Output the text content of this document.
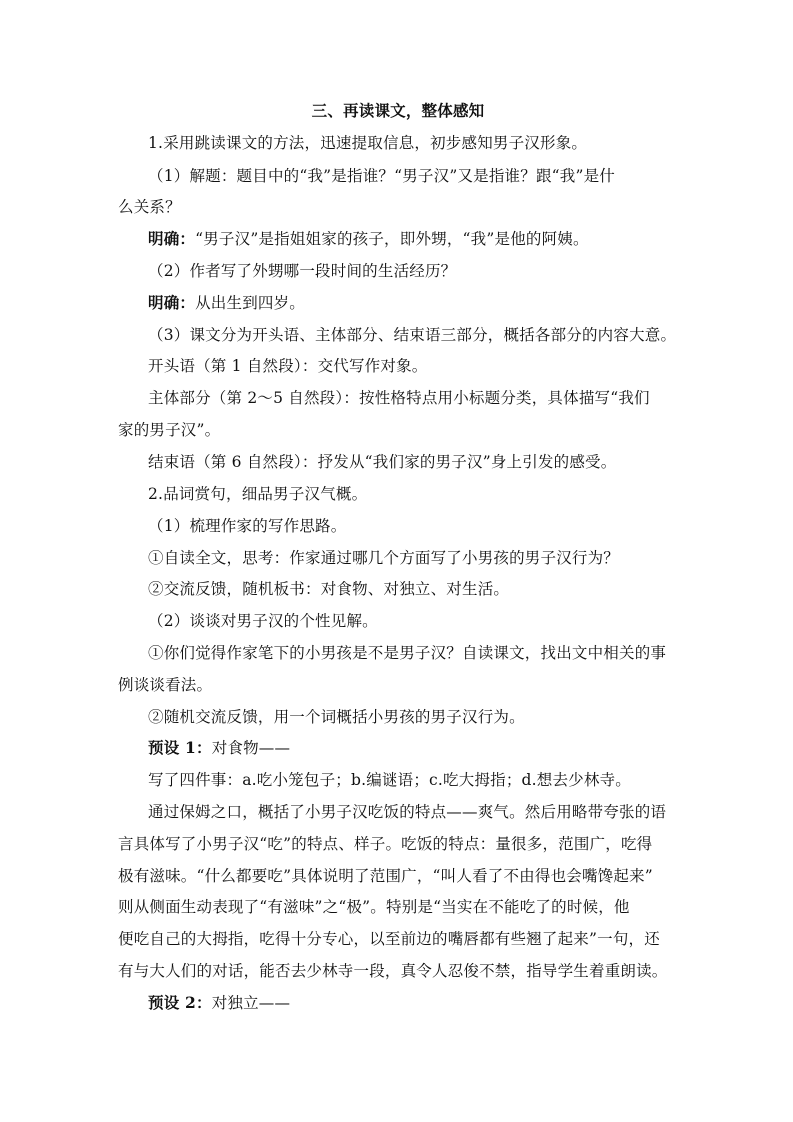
三、再读课文，整体感知
1.采用跳读课文的方法，迅速提取信息，初步感知男子汉形象。
（1）解题：题目中的“我”是指谁？“男子汉”又是指谁？跟“我”是什
么关系？
明确：“男子汉”是指姐姐家的孩子，即外甥，“我”是他的阿姨。
（2）作者写了外甥哪一段时间的生活经历？
明确：从出生到四岁。
（3）课文分为开头语、主体部分、结束语三部分，概括各部分的内容大意。
开头语（第 1 自然段）：交代写作对象。
主体部分（第 2～5 自然段）：按性格特点用小标题分类，具体描写“我们
家的男子汉”。
结束语（第 6 自然段）：抒发从“我们家的男子汉”身上引发的感受。
2.品词赏句，细品男子汉气概。
（1）梳理作家的写作思路。
①自读全文，思考：作家通过哪几个方面写了小男孩的男子汉行为？
②交流反馈，随机板书：对食物、对独立、对生活。
（2）谈谈对男子汉的个性见解。
①你们觉得作家笔下的小男孩是不是男子汉？自读课文，找出文中相关的事
例谈谈看法。
②随机交流反馈，用一个词概括小男孩的男子汉行为。
预设 1：对食物——
写了四件事：a.吃小笼包子；b.编谜语；c.吃大拇指；d.想去少林寺。
通过保姆之口，概括了小男子汉吃饭的特点——爽气。然后用略带夸张的语
言具体写了小男子汉“吃”的特点、样子。吃饭的特点：量很多，范围广，吃得
极有滋味。“什么都要吃”具体说明了范围广，“叫人看了不由得也会嘴馋起来”
则从侧面生动表现了“有滋味”之“极”。特别是“当实在不能吃了的时候，他
便吃自己的大拇指，吃得十分专心，以至前边的嘴唇都有些翘了起来”一句，还
有与大人们的对话，能否去少林寺一段，真令人忍俊不禁，指导学生着重朗读。
预设 2：对独立——
